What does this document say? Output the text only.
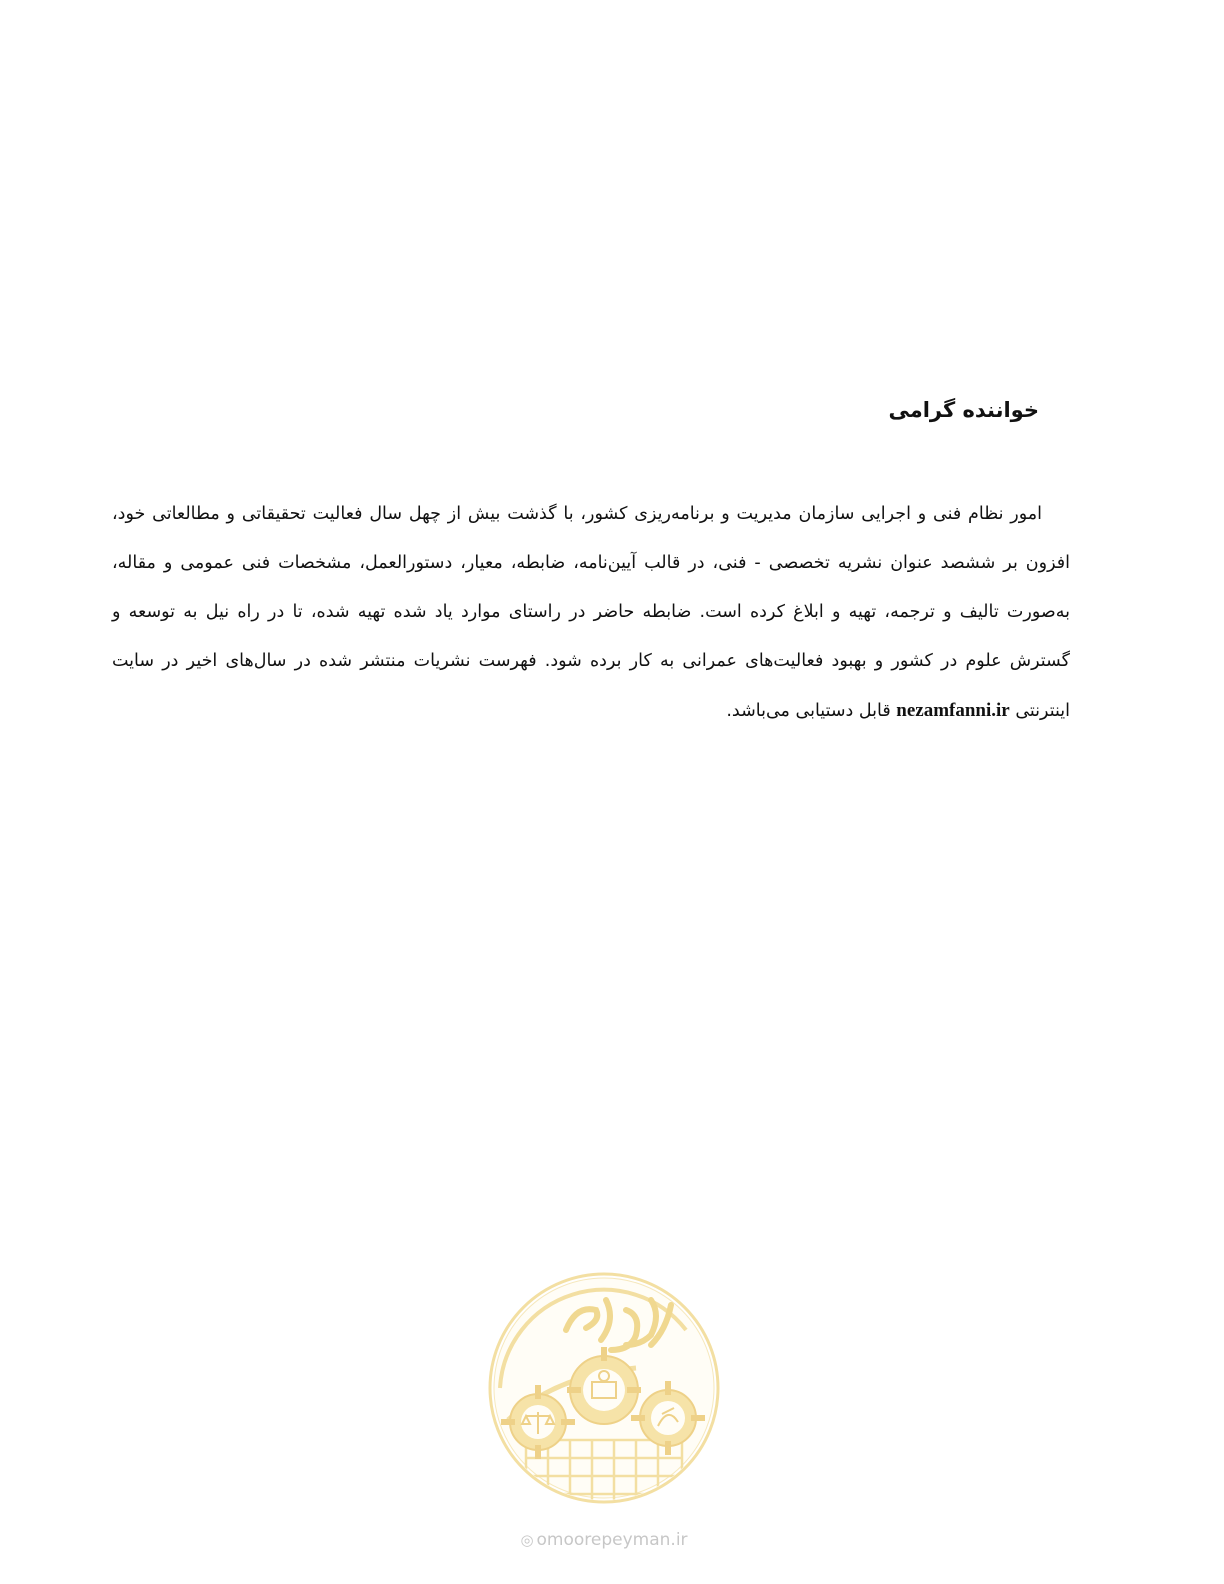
خواننده گرامی

امور نظام فنی و اجرایی سازمان مدیریت و برنامه‌ریزی کشور، با گذشت بیش از چهل سال فعالیت تحقیقاتی و مطالعاتی خود، افزون بر ششصد عنوان نشریه تخصصی - فنی، در قالب آیین‌نامه، ضابطه، معیار، دستورالعمل، مشخصات فنی عمومی و مقاله، به‌صورت تالیف و ترجمه، تهیه و ابلاغ کرده است. ضابطه حاضر در راستای موارد یاد شده تهیه شده، تا در راه نیل به توسعه و گسترش علوم در کشور و بهبود فعالیت‌های عمرانی به کار برده شود. فهرست نشریات منتشر شده در سال‌های اخیر در سایت اینترنتی nezamfanni.ir قابل دستیابی می‌باشد.

◎ omoorepeyman.ir
